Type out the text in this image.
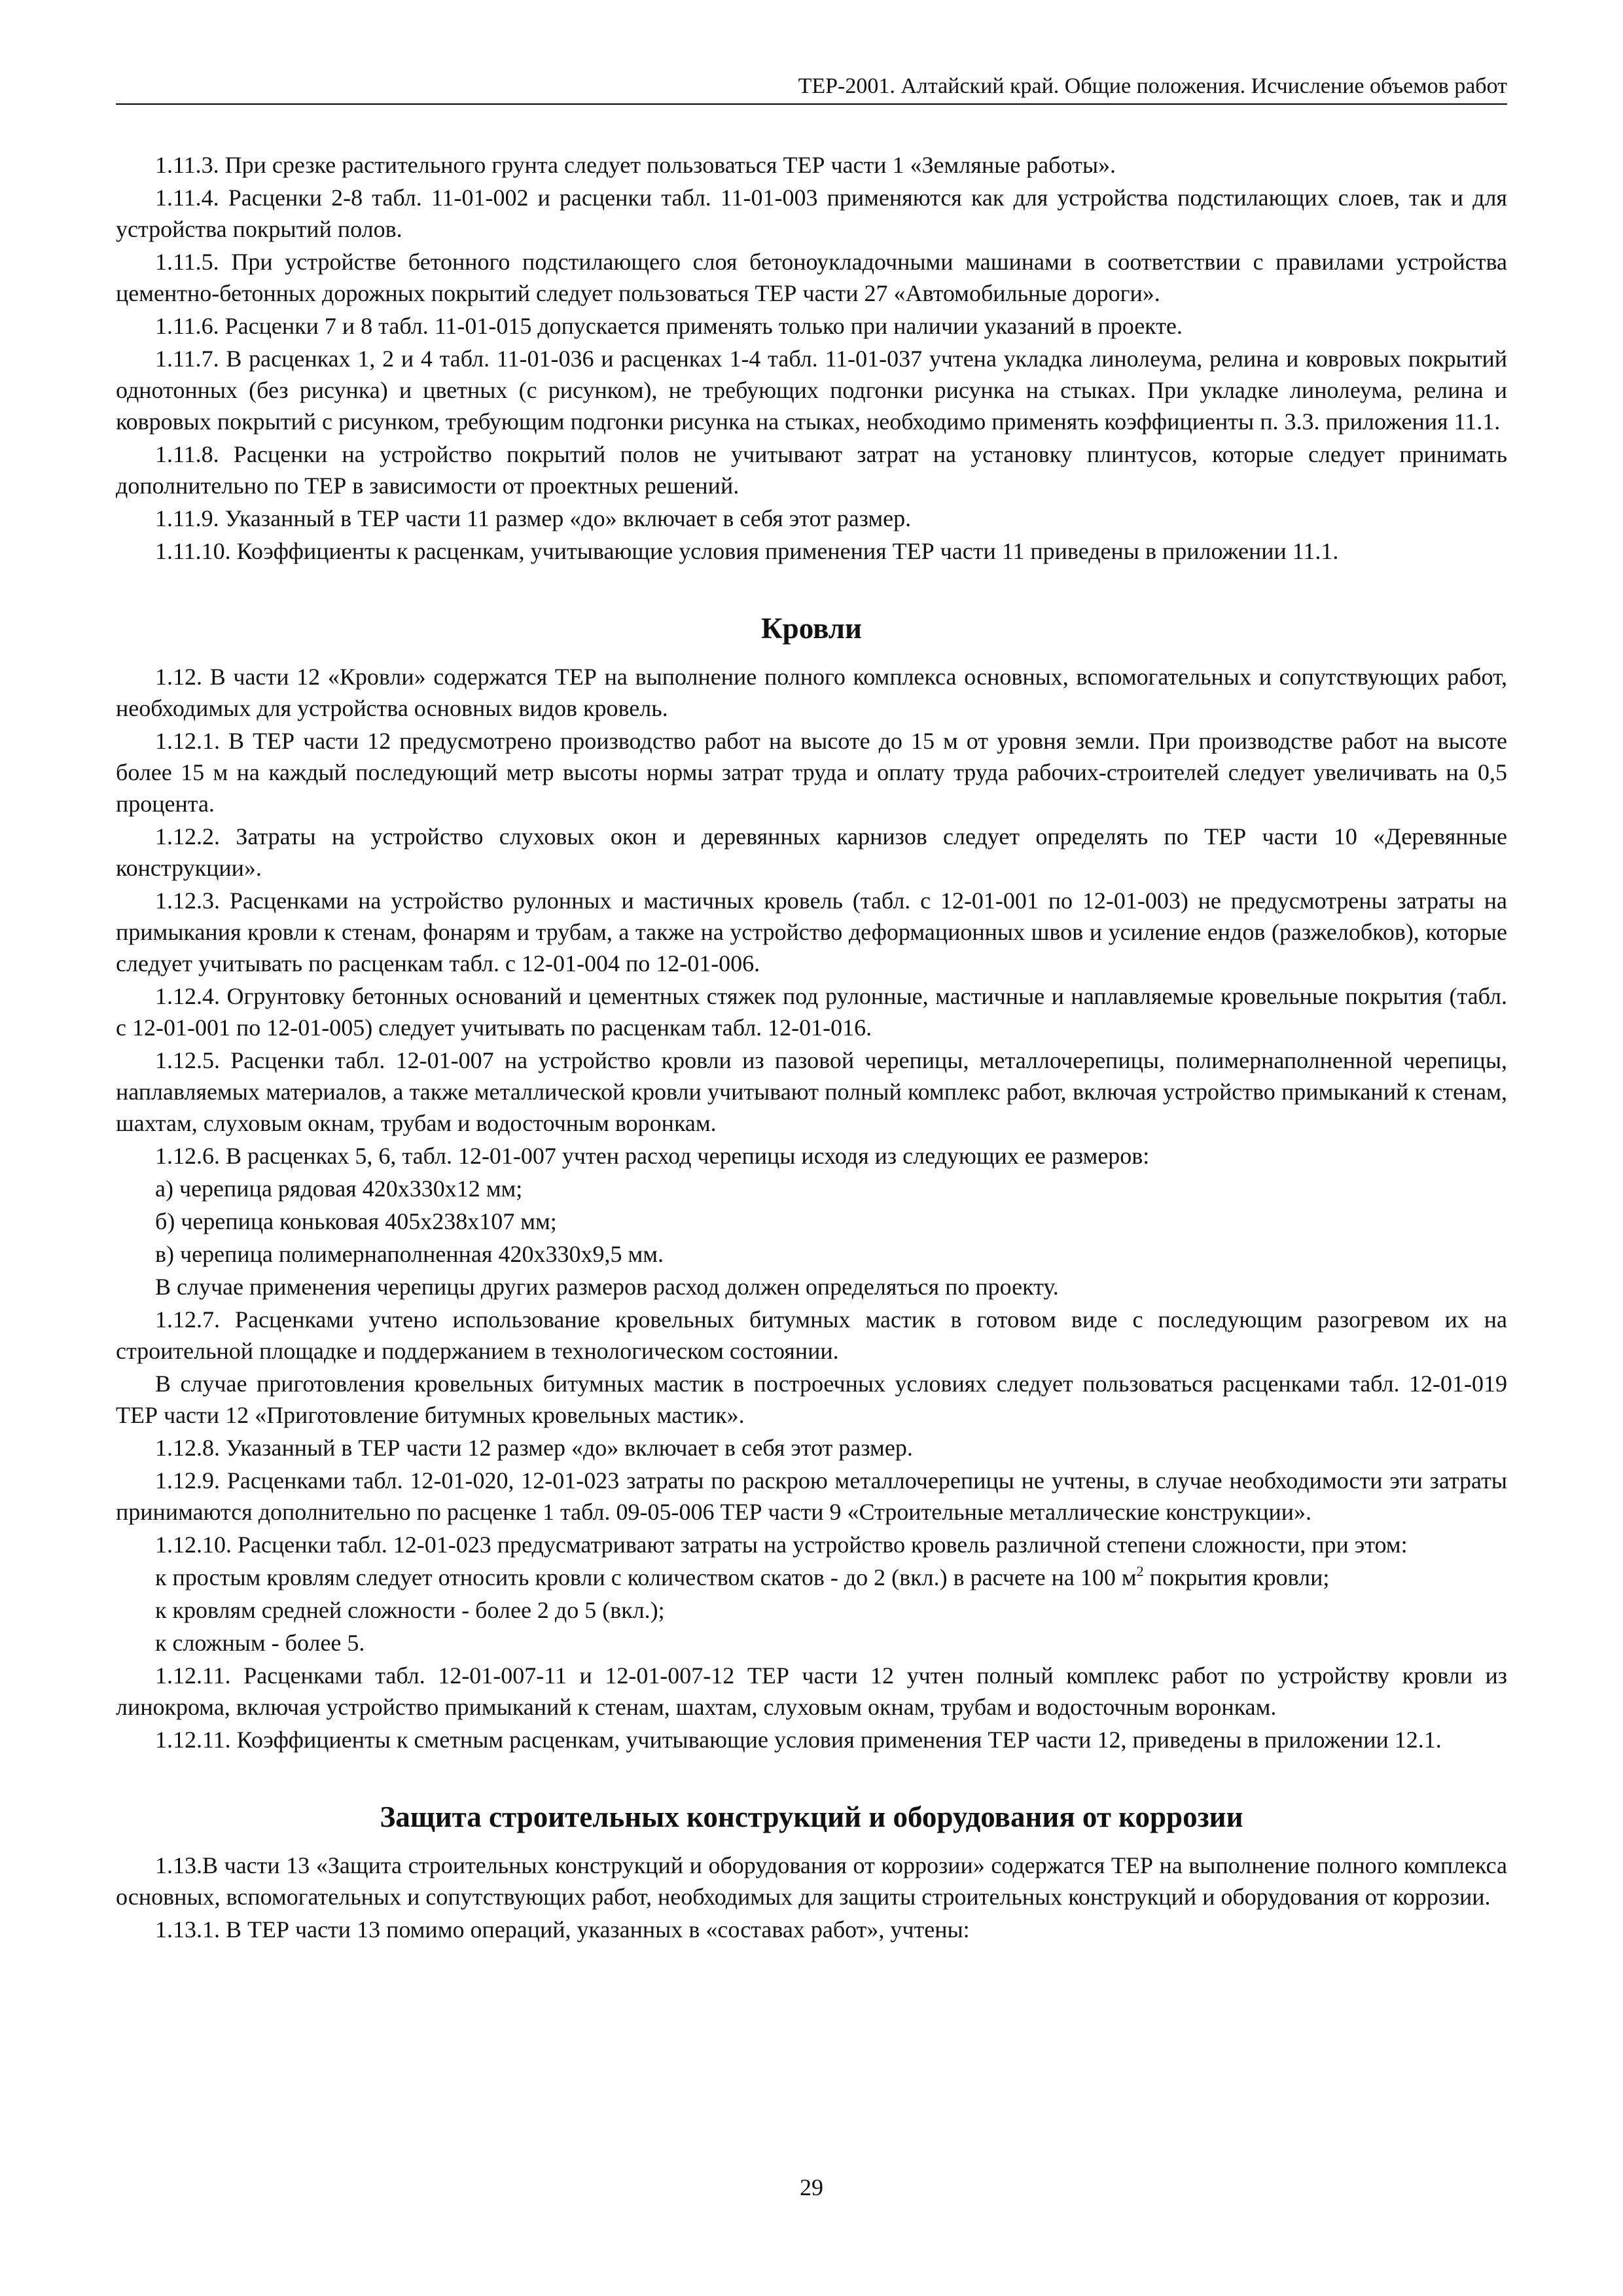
ТЕР-2001. Алтайский край. Общие положения. Исчисление объемов работ

1.11.3. При срезке растительного грунта следует пользоваться ТЕР части 1 «Земляные работы».

1.11.4. Расценки 2-8 табл. 11-01-002 и расценки табл. 11-01-003 применяются как для устройства подстилающих слоев, так и для устройства покрытий полов.

1.11.5. При устройстве бетонного подстилающего слоя бетоноукладочными машинами в соответствии с правилами устройства цементно-бетонных дорожных покрытий следует пользоваться ТЕР части 27 «Автомобильные дороги».

1.11.6. Расценки 7 и 8 табл. 11-01-015 допускается применять только при наличии указаний в проекте.

1.11.7. В расценках 1, 2 и 4 табл. 11-01-036 и расценках 1-4 табл. 11-01-037 учтена укладка линолеума, релина и ковровых покрытий однотонных (без рисунка) и цветных (с рисунком), не требующих подгонки рисунка на стыках. При укладке линолеума, релина и ковровых покрытий с рисунком, требующим подгонки рисунка на стыках, необходимо применять коэффициенты п. 3.3. приложения 11.1.

1.11.8. Расценки на устройство покрытий полов не учитывают затрат на установку плинтусов, которые следует принимать дополнительно по ТЕР в зависимости от проектных решений.

1.11.9. Указанный в ТЕР части 11 размер «до» включает в себя этот размер.

1.11.10. Коэффициенты к расценкам, учитывающие условия применения ТЕР части 11 приведены в приложении 11.1.

Кровли

1.12. В части 12 «Кровли» содержатся ТЕР на выполнение полного комплекса основных, вспомогательных и сопутствующих работ, необходимых для устройства основных видов кровель.

1.12.1. В ТЕР части 12 предусмотрено производство работ на высоте до 15 м от уровня земли. При производстве работ на высоте более 15 м на каждый последующий метр высоты нормы затрат труда и оплату труда рабочих-строителей следует увеличивать на 0,5 процента.

1.12.2. Затраты на устройство слуховых окон и деревянных карнизов следует определять по ТЕР части 10 «Деревянные конструкции».

1.12.3. Расценками на устройство рулонных и мастичных кровель (табл. с 12-01-001 по 12-01-003) не предусмотрены затраты на примыкания кровли к стенам, фонарям и трубам, а также на устройство деформационных швов и усиление ендов (разжелобков), которые следует учитывать по расценкам табл. с 12-01-004 по 12-01-006.

1.12.4. Огрунтовку бетонных оснований и цементных стяжек под рулонные, мастичные и наплавляемые кровельные покрытия (табл. с 12-01-001 по 12-01-005) следует учитывать по расценкам табл. 12-01-016.

1.12.5. Расценки табл. 12-01-007 на устройство кровли из пазовой черепицы, металлочерепицы, полимернаполненной черепицы, наплавляемых материалов, а также металлической кровли учитывают полный комплекс работ, включая устройство примыканий к стенам, шахтам, слуховым окнам, трубам и водосточным воронкам.

1.12.6. В расценках 5, 6, табл. 12-01-007 учтен расход черепицы исходя из следующих ее размеров:

а) черепица рядовая 420х330х12 мм;

б) черепица коньковая 405х238х107 мм;

в) черепица полимернаполненная 420х330х9,5 мм.

В случае применения черепицы других размеров расход должен определяться по проекту.

1.12.7. Расценками учтено использование кровельных битумных мастик в готовом виде с последующим разогревом их на строительной площадке и поддержанием в технологическом состоянии.

В случае приготовления кровельных битумных мастик в построечных условиях следует пользоваться расценками табл. 12-01-019 ТЕР части 12 «Приготовление битумных кровельных мастик».

1.12.8. Указанный в ТЕР части 12 размер «до» включает в себя этот размер.

1.12.9. Расценками табл. 12-01-020, 12-01-023 затраты по раскрою металлочерепицы не учтены, в случае необходимости эти затраты принимаются дополнительно по расценке 1 табл. 09-05-006 ТЕР части 9 «Строительные металлические конструкции».

1.12.10. Расценки табл. 12-01-023 предусматривают затраты на устройство кровель различной степени сложности, при этом:

к простым кровлям следует относить кровли с количеством скатов - до 2 (вкл.) в расчете на 100 $м^2$ покрытия кровли;

к кровлям средней сложности - более 2 до 5 (вкл.);

к сложным - более 5.

1.12.11. Расценками табл. 12-01-007-11 и 12-01-007-12 ТЕР части 12 учтен полный комплекс работ по устройству кровли из линокрома, включая устройство примыканий к стенам, шахтам, слуховым окнам, трубам и водосточным воронкам.

1.12.11. Коэффициенты к сметным расценкам, учитывающие условия применения ТЕР части 12, приведены в приложении 12.1.

Защита строительных конструкций и оборудования от коррозии

1.13.В части 13 «Защита строительных конструкций и оборудования от коррозии» содержатся ТЕР на выполнение полного комплекса основных, вспомогательных и сопутствующих работ, необходимых для защиты строительных конструкций и оборудования от коррозии.

1.13.1. В ТЕР части 13 помимо операций, указанных в «составах работ», учтены:

29
